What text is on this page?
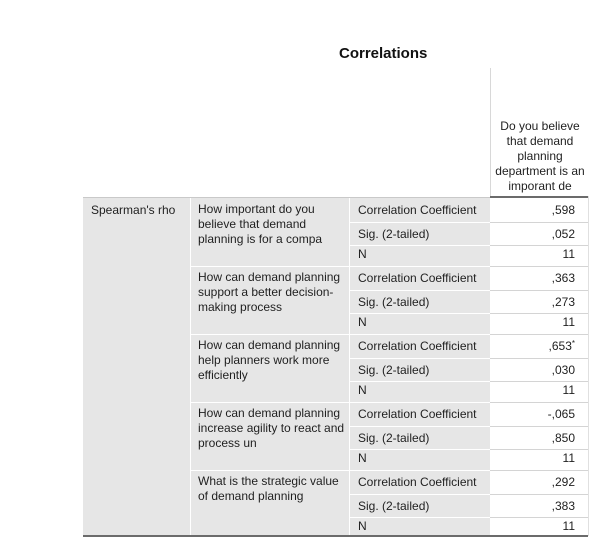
Correlations
Do you believe that demand planning department is an imporant de
Spearman's rho How important do you believe that demand planning is for a compa
Correlation Coefficient	,598
Sig. (2-tailed)	,052
N	11
How can demand planning support a better decision-making process
Correlation Coefficient	,363
Sig. (2-tailed)	,273
N	11
How can demand planning help planners work more efficiently
Correlation Coefficient	,653*
Sig. (2-tailed)	,030
N	11
How can demand planning increase agility to react and process un
Correlation Coefficient	-,065
Sig. (2-tailed)	,850
N	11
What is the strategic value of demand planning
Correlation Coefficient	,292
Sig. (2-tailed)	,383
N	11
